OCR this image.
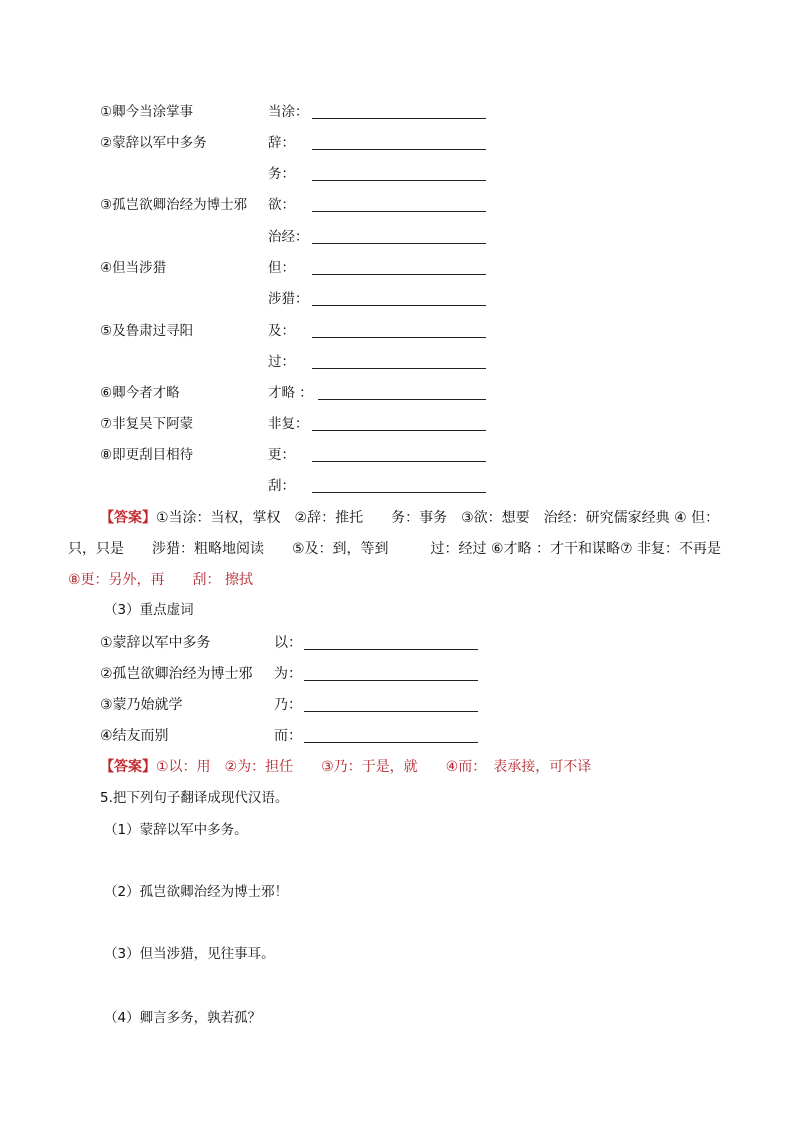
①卿今当涂掌事	当涂：
②蒙辞以军中多务	辞：
务：
③孤岂欲卿治经为博士邪 欲：
治经：
④但当涉猎	但：
涉猎：
⑤及鲁肃过寻阳	及：
过：
⑥卿今者才略	才略 ：
⑦非复吴下阿蒙	非复：
⑧即更刮目相待	更：
刮：
【答案】①当涂：当权，掌权　②辞：推托　　务：事务　③欲：想要　治经：研究儒家经典 ④ 但：
只，只是　　涉猎：粗略地阅读　　⑤及：到，等到　　　过：经过 ⑥才略 ：才干和谋略⑦ 非复：不再是
⑧更：另外，再　　刮： 擦拭
（3）重点虚词
①蒙辞以军中多务	以：
②孤岂欲卿治经为博士邪 为：
③蒙乃始就学	乃：
④结友而别	而：
【答案】①以：用　②为：担任　　③乃：于是，就　　④而：　表承接，可不译
5.把下列句子翻译成现代汉语。
（1）蒙辞以军中多务。
（2）孤岂欲卿治经为博士邪！
（3）但当涉猎，见往事耳。
（4）卿言多务，孰若孤？
